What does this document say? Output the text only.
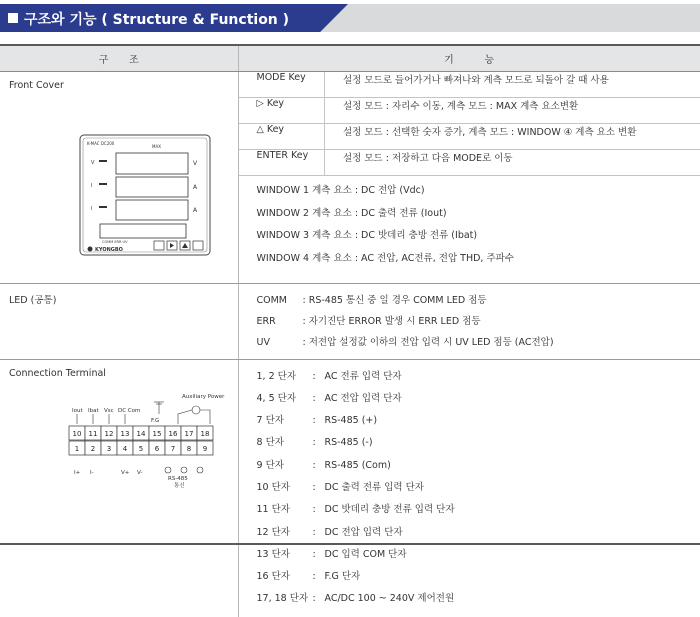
구조와 기능 ( Structure & Function )
구　　조	기　　　능

Front Cover
K-MAC DC200
MAX
V	V
I	A
I	A
COMM ERR UV
KYONGBO

MODE Key	설정 모드로 들어가거나 빠져나와 계측 모드로 되돌아 갈 때 사용
▷ Key	설정 모드 : 자리수 이동, 계측 모드 : MAX 계측 요소변환
△ Key	설정 모드 : 선택한 숫자 증가, 계측 모드 : WINDOW ④ 계측 요소 변환
ENTER Key	설정 모드 : 저장하고 다음 MODE로 이동
WINDOW 1 계측 요소 : DC 전압 (Vdc)
WINDOW 2 계측 요소 : DC 출력 전류 (Iout)
WINDOW 3 계측 요소 : DC 밧데리 충방 전류 (Ibat)
WINDOW 4 계측 요소 : AC 전압, AC전류, 전압 THD, 주파수

LED (공통)	COMM : RS-485 통신 중 일 경우 COMM LED 점등
ERR	: 자기진단 ERROR 발생 시 ERR LED 점등
UV	: 저전압 설정값 이하의 전압 입력 시 UV LED 점등 (AC전압)

Connection Terminal
Iout Ibat Vsc DC Com
F.G
Auxiliary Power
10 11 12 13 14 15 16 17 18
1 2 3 4 5 6 7 8 9
I+ I-	V+ V-
RS-485
통신

1, 2 단자 : AC 전류 입력 단자
4, 5 단자 : AC 전압 입력 단자
7 단자	: RS-485 (+)
8 단자	: RS-485 (-)
9 단자	: RS-485 (Com)
10 단자 : DC 출력 전류 입력 단자
11 단자 : DC 밧데리 충방 전류 입력 단자
12 단자 : DC 전압 입력 단자
13 단자 : DC 입력 COM 단자
16 단자 : F.G 단자
17, 18 단자 : AC/DC 100 ~ 240V 제어전원
